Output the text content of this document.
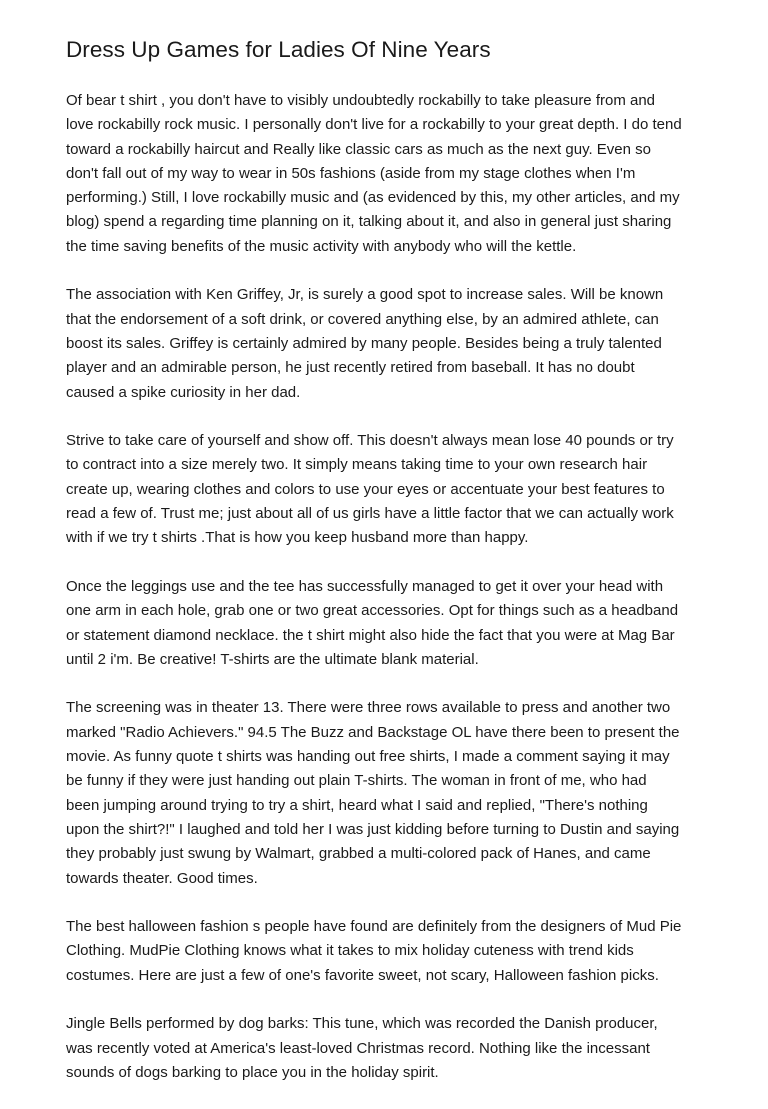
Dress Up Games for Ladies Of Nine Years

Of bear t shirt , you don't have to visibly undoubtedly rockabilly to take pleasure from and
love rockabilly rock music. I personally don't live for a rockabilly to your great depth. I do tend
toward a rockabilly haircut and Really like classic cars as much as the next guy. Even so
don't fall out of my way to wear in 50s fashions (aside from my stage clothes when I'm
performing.) Still, I love rockabilly music and (as evidenced by this, my other articles, and my
blog) spend a regarding time planning on it, talking about it, and also in general just sharing
the time saving benefits of the music activity with anybody who will the kettle.

The association with Ken Griffey, Jr, is surely a good spot to increase sales. Will be known
that the endorsement of a soft drink, or covered anything else, by an admired athlete, can
boost its sales. Griffey is certainly admired by many people. Besides being a truly talented
player and an admirable person, he just recently retired from baseball. It has no doubt
caused a spike curiosity in her dad.

Strive to take care of yourself and show off. This doesn't always mean lose 40 pounds or try
to contract into a size merely two. It simply means taking time to your own research hair
create up, wearing clothes and colors to use your eyes or accentuate your best features to
read a few of. Trust me; just about all of us girls have a little factor that we can actually work
with if we try t shirts .That is how you keep husband more than happy.

Once the leggings use and the tee has successfully managed to get it over your head with
one arm in each hole, grab one or two great accessories. Opt for things such as a headband
or statement diamond necklace. the t shirt might also hide the fact that you were at Mag Bar
until 2 i'm. Be creative! T-shirts are the ultimate blank material.

The screening was in theater 13. There were three rows available to press and another two
marked "Radio Achievers." 94.5 The Buzz and Backstage OL have there been to present the
movie. As funny quote t shirts was handing out free shirts, I made a comment saying it may
be funny if they were just handing out plain T-shirts. The woman in front of me, who had
been jumping around trying to try a shirt, heard what I said and replied, "There's nothing
upon the shirt?!" I laughed and told her I was just kidding before turning to Dustin and saying
they probably just swung by Walmart, grabbed a multi-colored pack of Hanes, and came
towards theater. Good times.

The best halloween fashion s people have found are definitely from the designers of Mud Pie
Clothing. MudPie Clothing knows what it takes to mix holiday cuteness with trend kids
costumes. Here are just a few of one's favorite sweet, not scary, Halloween fashion picks.

Jingle Bells performed by dog barks: This tune, which was recorded the Danish producer,
was recently voted at America's least-loved Christmas record. Nothing like the incessant
sounds of dogs barking to place you in the holiday spirit.
